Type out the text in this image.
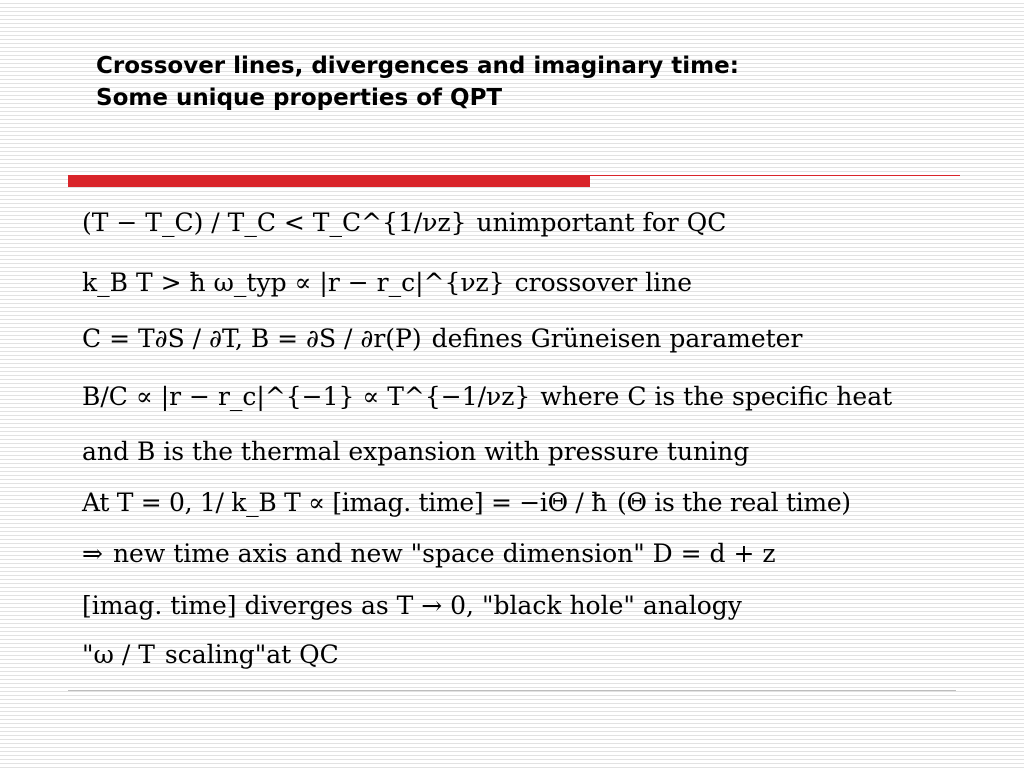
Crossover lines, divergences and imaginary time:
Some unique properties of QPT
(T − T_C) / T_C < T_C^{1/νz} unimportant for QC
k_B T > ħ ω_typ ∝ |r − r_c|^{νz} crossover line
C = T∂S / ∂T, B = ∂S / ∂r(P) defines Grüneisen parameter
B/C ∝ |r − r_c|^{−1} ∝ T^{−1/νz} where C is the specific heat
and B is the thermal expansion with pressure tuning
At T = 0, 1/ k_B T ∝ [imag. time] = −iΘ / ħ (Θ is the real time)
⇒ new time axis and new "space dimension" D = d + z
[imag. time] diverges as T → 0, "black hole" analogy
"ω / T scaling"at QC
